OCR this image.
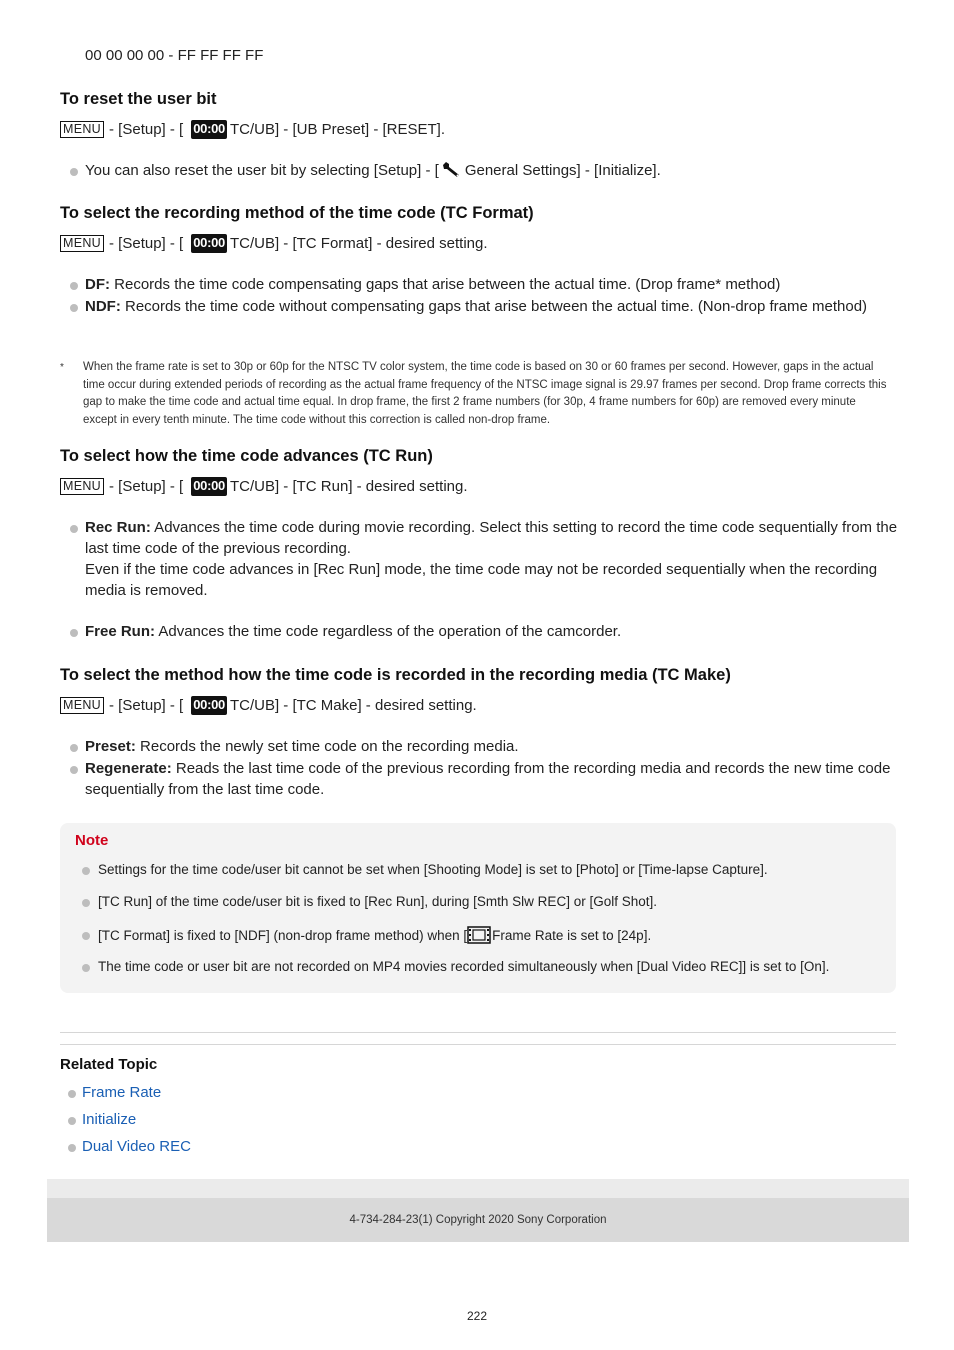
00 00 00 00 - FF FF FF FF
To reset the user bit
MENU - [Setup] - [ 00:00 TC/UB] - [UB Preset] - [RESET].
You can also reset the user bit by selecting [Setup] - [ General Settings] - [Initialize].
To select the recording method of the time code (TC Format)
MENU - [Setup] - [ 00:00 TC/UB] - [TC Format] - desired setting.
DF: Records the time code compensating gaps that arise between the actual time. (Drop frame* method)
NDF: Records the time code without compensating gaps that arise between the actual time. (Non-drop frame method)
*	When the frame rate is set to 30p or 60p for the NTSC TV color system, the time code is based on 30 or 60 frames per second. However, gaps in the actual time occur during extended periods of recording as the actual frame frequency of the NTSC image signal is 29.97 frames per second. Drop frame corrects this gap to make the time code and actual time equal. In drop frame, the first 2 frame numbers (for 30p, 4 frame numbers for 60p) are removed every minute except in every tenth minute. The time code without this correction is called non-drop frame.
To select how the time code advances (TC Run)
MENU - [Setup] - [ 00:00 TC/UB] - [TC Run] - desired setting.
Rec Run: Advances the time code during movie recording. Select this setting to record the time code sequentially from the last time code of the previous recording.
Even if the time code advances in [Rec Run] mode, the time code may not be recorded sequentially when the recording media is removed.
Free Run: Advances the time code regardless of the operation of the camcorder.
To select the method how the time code is recorded in the recording media (TC Make)
MENU - [Setup] - [ 00:00 TC/UB] - [TC Make] - desired setting.
Preset: Records the newly set time code on the recording media.
Regenerate: Reads the last time code of the previous recording from the recording media and records the new time code sequentially from the last time code.
Note
Settings for the time code/user bit cannot be set when [Shooting Mode] is set to [Photo] or [Time-lapse Capture].
[TC Run] of the time code/user bit is fixed to [Rec Run], during [Smth Slw REC] or [Golf Shot].
[TC Format] is fixed to [NDF] (non-drop frame method) when [ Frame Rate is set to [24p].
The time code or user bit are not recorded on MP4 movies recorded simultaneously when [Dual Video REC]] is set to [On].
Related Topic
Frame Rate
Initialize
Dual Video REC
4-734-284-23(1) Copyright 2020 Sony Corporation
222
